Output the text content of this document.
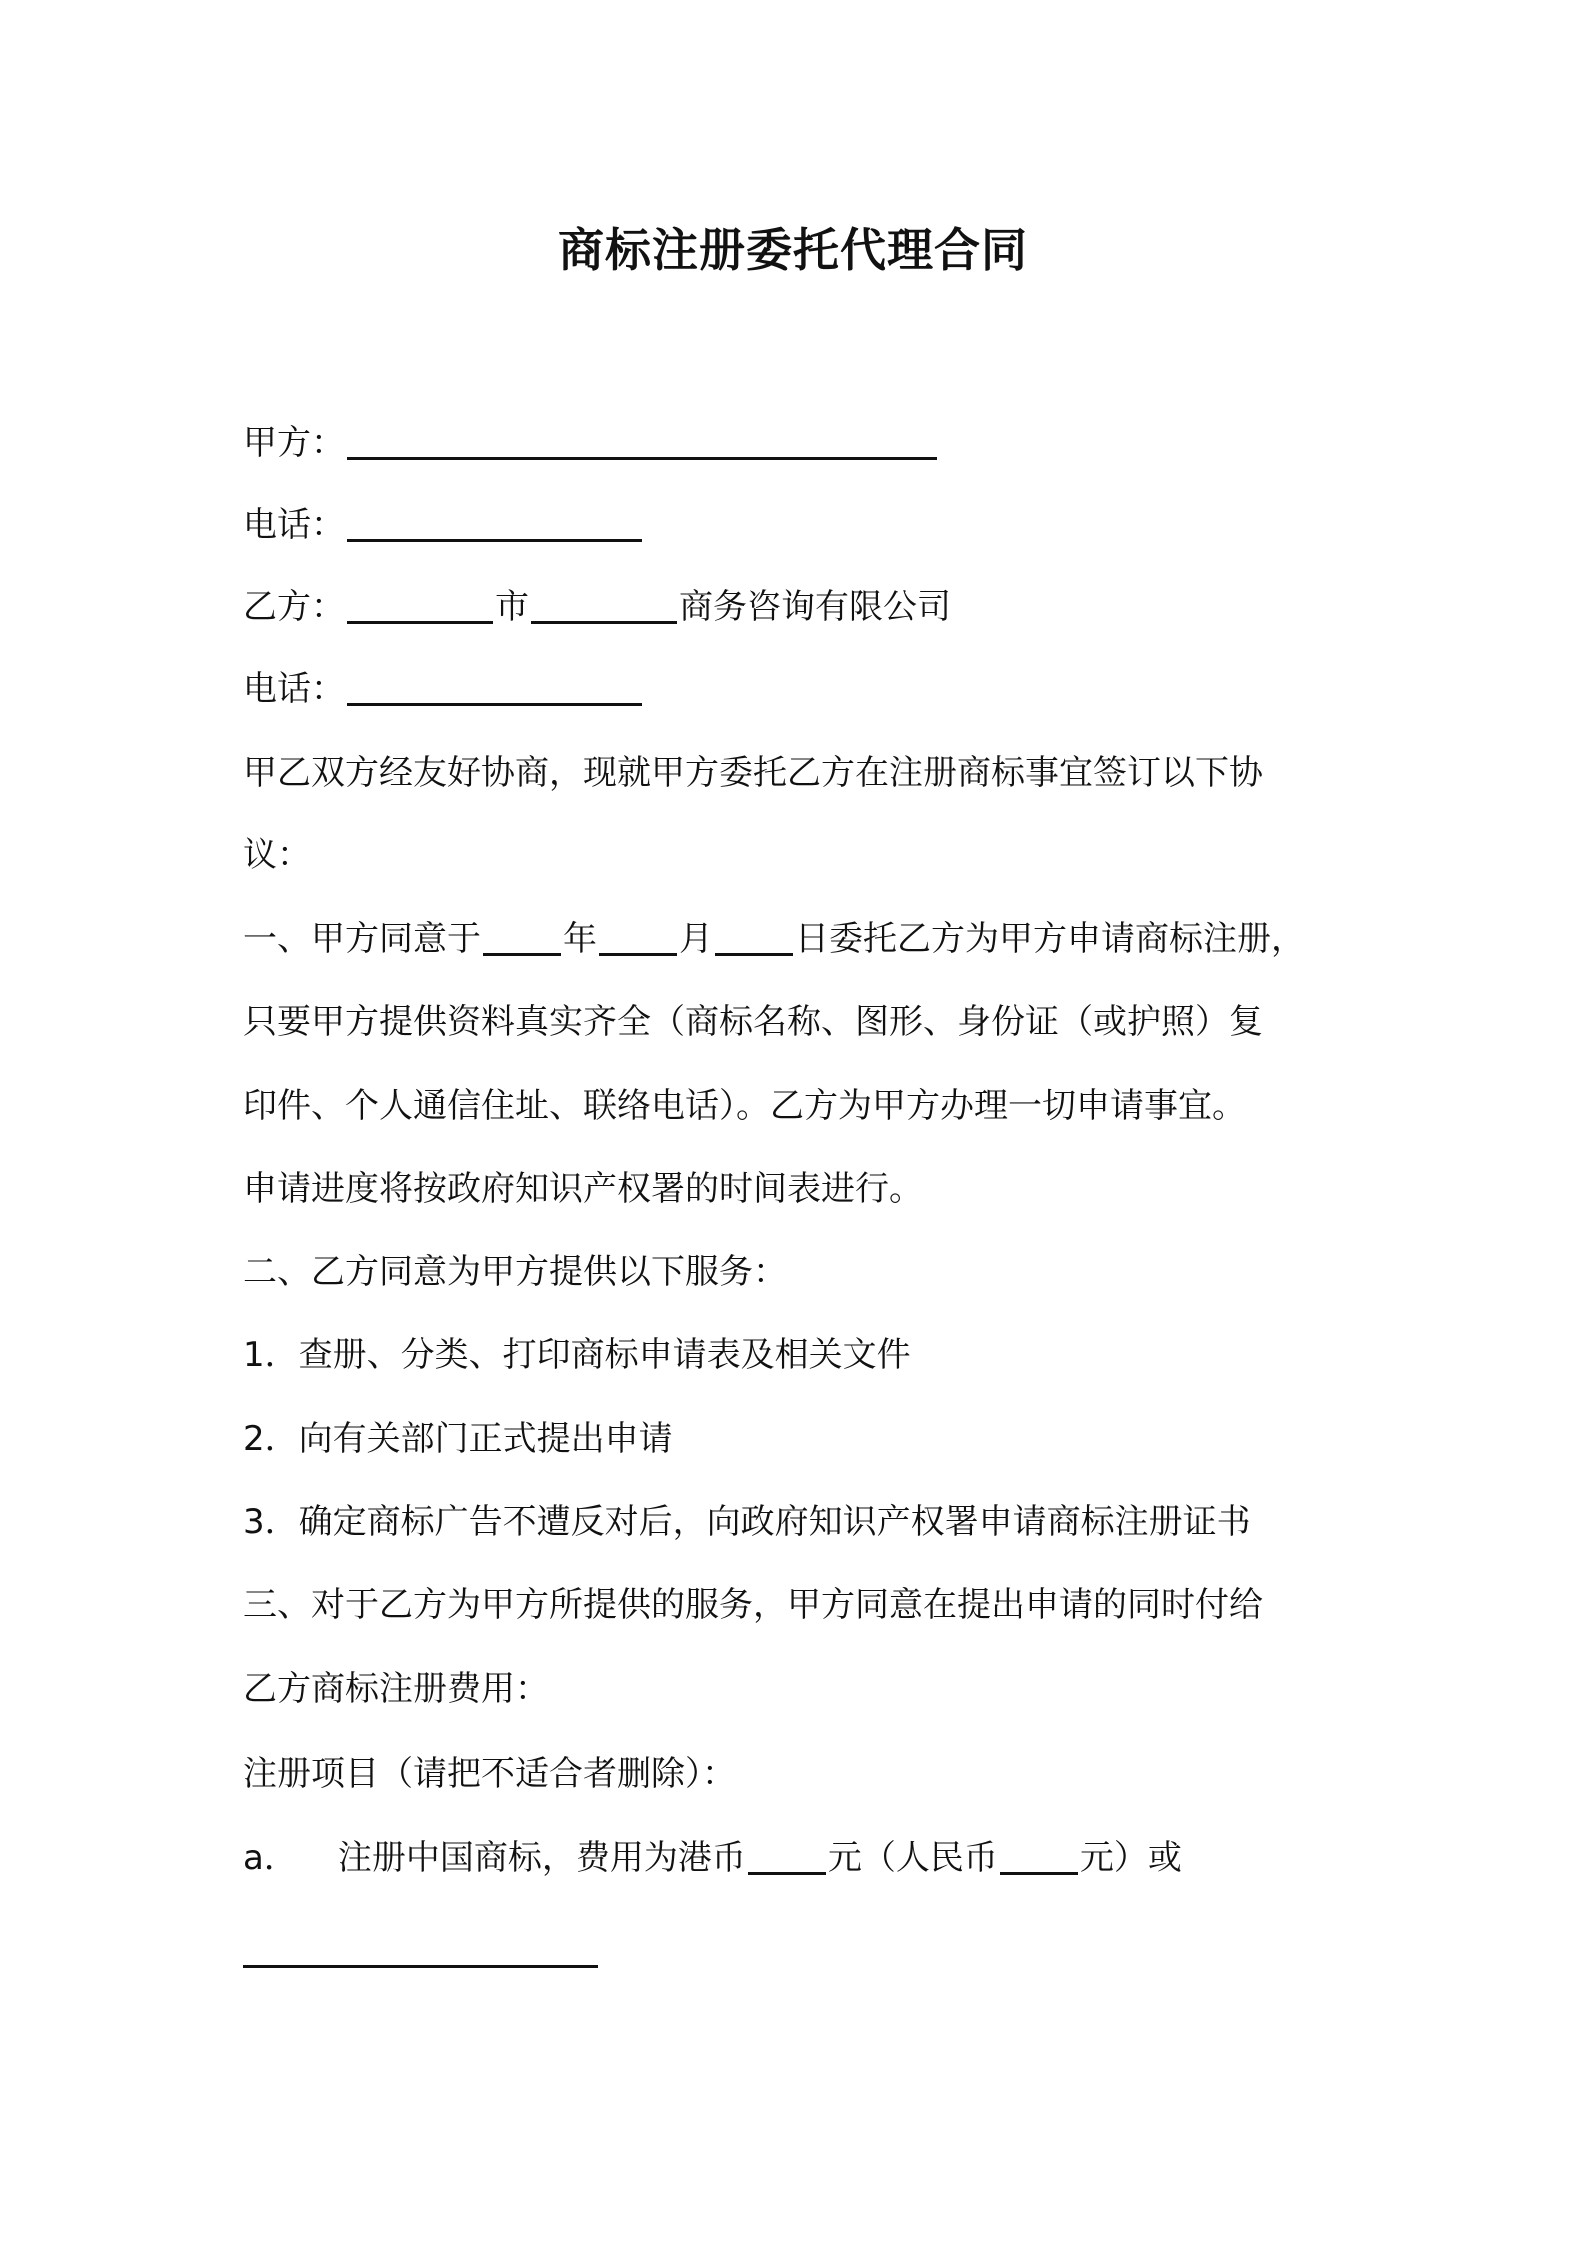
商标注册委托代理合同
甲方：
电话：
乙方：	市	商务咨询有限公司
电话：
甲乙双方经友好协商，现就甲方委托乙方在注册商标事宜签订以下协
议：
一、甲方同意于 年 月 日委托乙方为甲方申请商标注册，
只要甲方提供资料真实齐全（商标名称、图形、身份证（或护照）复
印件、个人通信住址、联络电话）。乙方为甲方办理一切申请事宜。
申请进度将按政府知识产权署的时间表进行。
二、乙方同意为甲方提供以下服务：
1．查册、分类、打印商标申请表及相关文件
2．向有关部门正式提出申请
3．确定商标广告不遭反对后，向政府知识产权署申请商标注册证书
三、对于乙方为甲方所提供的服务，甲方同意在提出申请的同时付给
乙方商标注册费用：
注册项目（请把不适合者删除）：
a． 注册中国商标，费用为港币 元（人民币 元）或
